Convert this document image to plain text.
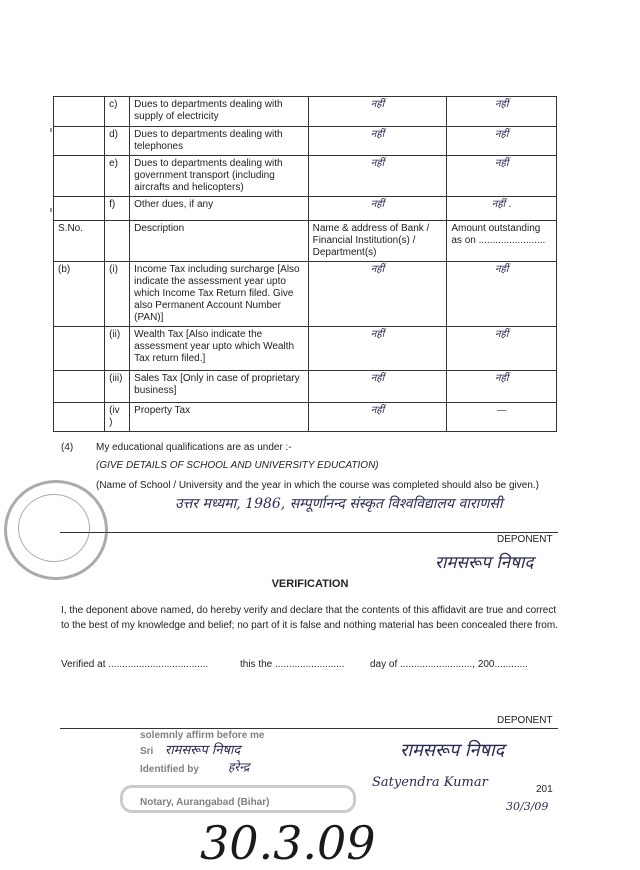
	c)	Dues to departments dealing with supply of electricity	नहीं	नहीं
	d)	Dues to departments dealing with telephones	नहीं	नहीं
	e)	Dues to departments dealing with government transport (including aircrafts and helicopters)	नहीं	नहीं
	f)	Other dues, if any	नहीं	नहीं .
S.No.		Description	Name & address of Bank / Financial Institution(s) / Department(s)	Amount outstanding as on ........................
(b)	(i)	Income Tax including surcharge [Also indicate the assessment year upto which Income Tax Return filed. Give also Permanent Account Number (PAN)]	नहीं	नहीं
	(ii)	Wealth Tax [Also indicate the assessment year upto which Wealth Tax return filed.]	नहीं	नहीं
	(iii)	Sales Tax [Only in case of proprietary business]	नहीं	नहीं
	(iv )	Property Tax	नहीं	—
(4) My educational qualifications are as under :-
(GIVE DETAILS OF SCHOOL AND UNIVERSITY EDUCATION)
(Name of School / University and the year in which the course was completed should also be given.)
उत्तर मध्यमा, 1986, सम्पूर्णानन्द संस्कृत विश्वविद्यालय वाराणसी
DEPONENT
रामसरूप निषाद
VERIFICATION
I, the deponent above named, do hereby verify and declare that the contents of this affidavit are true and correct to the best of my knowledge and belief; no part of it is false and nothing material has been concealed there from.
Verified at ....................................	this the .........................	day of .........................., 200............
DEPONENT
रामसरूप निषाद
solemnly affirm before me
Sri रामसरूप निषाद
Identified by हरेन्द्र
Notary, Aurangabad (Bihar)
Satyendra Kumar	201
30/3/09
30.3.09
